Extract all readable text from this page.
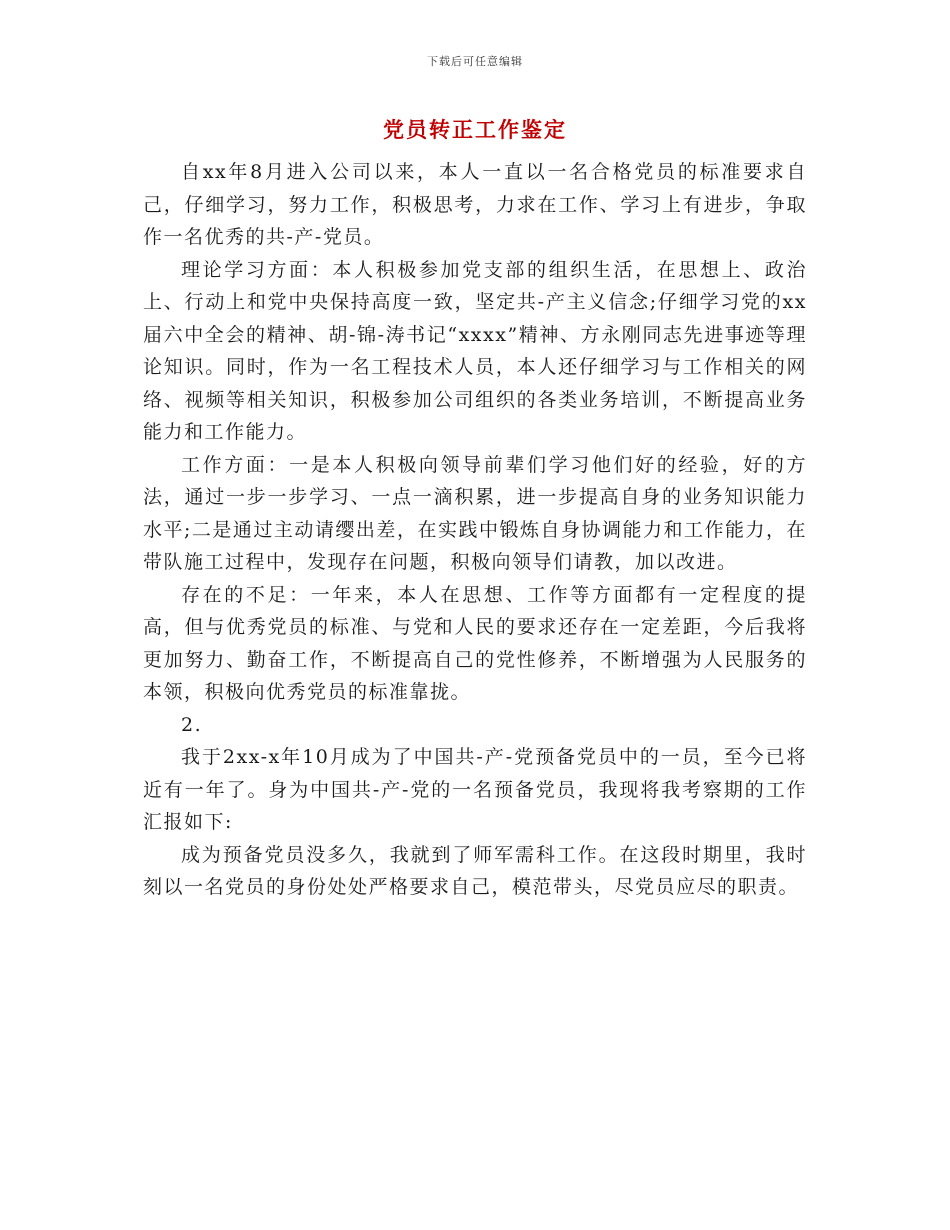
下载后可任意编辑
党员转正工作鉴定

自xx年8月进入公司以来，本人一直以一名合格党员的标准要求自己，仔细学习，努力工作，积极思考，力求在工作、学习上有进步，争取作一名优秀的共-产-党员。

理论学习方面：本人积极参加党支部的组织生活，在思想上、政治上、行动上和党中央保持高度一致，坚定共-产主义信念;仔细学习党的xx届六中全会的精神、胡-锦-涛书记“xxxx”精神、方永刚同志先进事迹等理论知识。同时，作为一名工程技术人员，本人还仔细学习与工作相关的网络、视频等相关知识，积极参加公司组织的各类业务培训，不断提高业务能力和工作能力。

工作方面：一是本人积极向领导前辈们学习他们好的经验，好的方法，通过一步一步学习、一点一滴积累，进一步提高自身的业务知识能力水平;二是通过主动请缨出差，在实践中锻炼自身协调能力和工作能力，在带队施工过程中，发现存在问题，积极向领导们请教，加以改进。

存在的不足：一年来，本人在思想、工作等方面都有一定程度的提高，但与优秀党员的标准、与党和人民的要求还存在一定差距，今后我将更加努力、勤奋工作，不断提高自己的党性修养，不断增强为人民服务的本领，积极向优秀党员的标准靠拢。

2.

我于2xx-x年10月成为了中国共-产-党预备党员中的一员，至今已将近有一年了。身为中国共-产-党的一名预备党员，我现将我考察期的工作汇报如下:

成为预备党员没多久，我就到了师军需科工作。在这段时期里，我时刻以一名党员的身份处处严格要求自己，模范带头，尽党员应尽的职责。
